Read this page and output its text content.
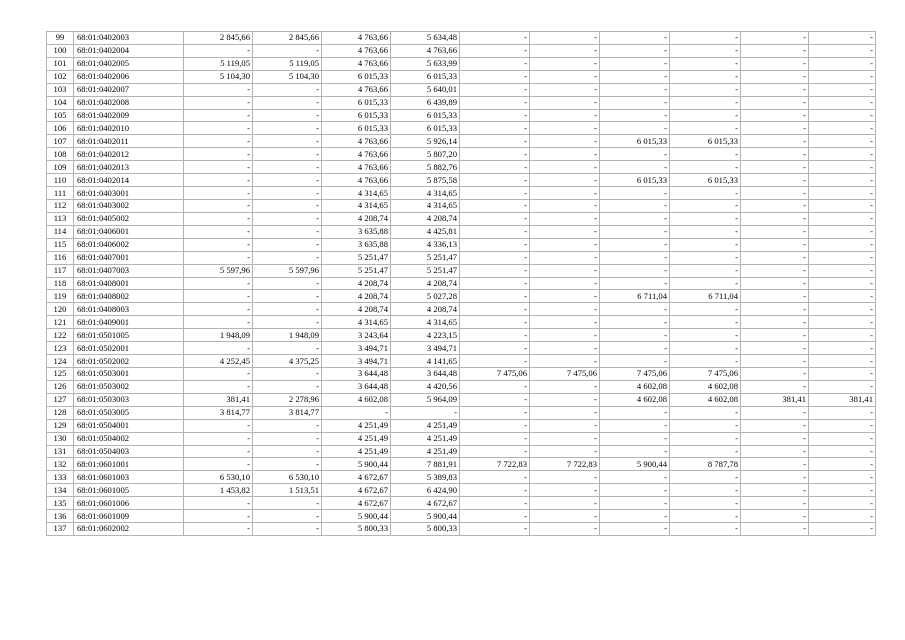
99	68:01:0402003	2 845,66	2 845,66	4 763,66	5 634,48	-	-	-	-	-	-
100	68:01:0402004	-	-	4 763,66	4 763,66	-	-	-	-	-	-
101	68:01:0402005	5 119,05	5 119,05	4 763,66	5 633,99	-	-	-	-	-	-
102	68:01:0402006	5 104,30	5 104,30	6 015,33	6 015,33	-	-	-	-	-	-
103	68:01:0402007	-	-	4 763,66	5 640,01	-	-	-	-	-	-
104	68:01:0402008	-	-	6 015,33	6 439,89	-	-	-	-	-	-
105	68:01:0402009	-	-	6 015,33	6 015,33	-	-	-	-	-	-
106	68:01:0402010	-	-	6 015,33	6 015,33	-	-	-	-	-	-
107	68:01:0402011	-	-	4 763,66	5 926,14	-	-	6 015,33	6 015,33	-	-
108	68:01:0402012	-	-	4 763,66	5 807,20	-	-	-	-	-	-
109	68:01:0402013	-	-	4 763,66	5 882,76	-	-	-	-	-	-
110	68:01:0402014	-	-	4 763,66	5 875,58	-	-	6 015,33	6 015,33	-	-
111	68:01:0403001	-	-	4 314,65	4 314,65	-	-	-	-	-	-
112	68:01:0403002	-	-	4 314,65	4 314,65	-	-	-	-	-	-
113	68:01:0405002	-	-	4 208,74	4 208,74	-	-	-	-	-	-
114	68:01:0406001	-	-	3 635,88	4 425,81	-	-	-	-	-	-
115	68:01:0406002	-	-	3 635,88	4 336,13	-	-	-	-	-	-
116	68:01:0407001	-	-	5 251,47	5 251,47	-	-	-	-	-	-
117	68:01:0407003	5 597,96	5 597,96	5 251,47	5 251,47	-	-	-	-	-	-
118	68:01:0408001	-	-	4 208,74	4 208,74	-	-	-	-	-	-
119	68:01:0408002	-	-	4 208,74	5 027,28	-	-	6 711,04	6 711,04	-	-
120	68:01:0408003	-	-	4 208,74	4 208,74	-	-	-	-	-	-
121	68:01:0409001	-	-	4 314,65	4 314,65	-	-	-	-	-	-
122	68:01:0501005	1 948,09	1 948,09	3 243,64	4 223,15	-	-	-	-	-	-
123	68:01:0502001	-	-	3 494,71	3 494,71	-	-	-	-	-	-
124	68:01:0502002	4 252,45	4 375,25	3 494,71	4 141,65	-	-	-	-	-	-
125	68:01:0503001	-	-	3 644,48	3 644,48	7 475,06	7 475,06	7 475,06	7 475,06	-	-
126	68:01:0503002	-	-	3 644,48	4 420,56	-	-	4 602,08	4 602,08	-	-
127	68:01:0503003	381,41	2 278,96	4 602,08	5 964,09	-	-	4 602,08	4 602,08	381,41	381,41
128	68:01:0503005	3 814,77	3 814,77	-	-	-	-	-	-	-	-
129	68:01:0504001	-	-	4 251,49	4 251,49	-	-	-	-	-	-
130	68:01:0504002	-	-	4 251,49	4 251,49	-	-	-	-	-	-
131	68:01:0504003	-	-	4 251,49	4 251,49	-	-	-	-	-	-
132	68:01:0601001	-	-	5 900,44	7 881,91	7 722,83	7 722,83	5 900,44	8 787,78	-	-
133	68:01:0601003	6 530,10	6 530,10	4 672,67	5 389,83	-	-	-	-	-	-
134	68:01:0601005	1 453,82	1 513,51	4 672,67	6 424,90	-	-	-	-	-	-
135	68:01:0601006	-	-	4 672,67	4 672,67	-	-	-	-	-	-
136	68:01:0601009	-	-	5 900,44	5 900,44	-	-	-	-	-	-
137	68:01:0602002	-	-	5 800,33	5 800,33	-	-	-	-	-	-
